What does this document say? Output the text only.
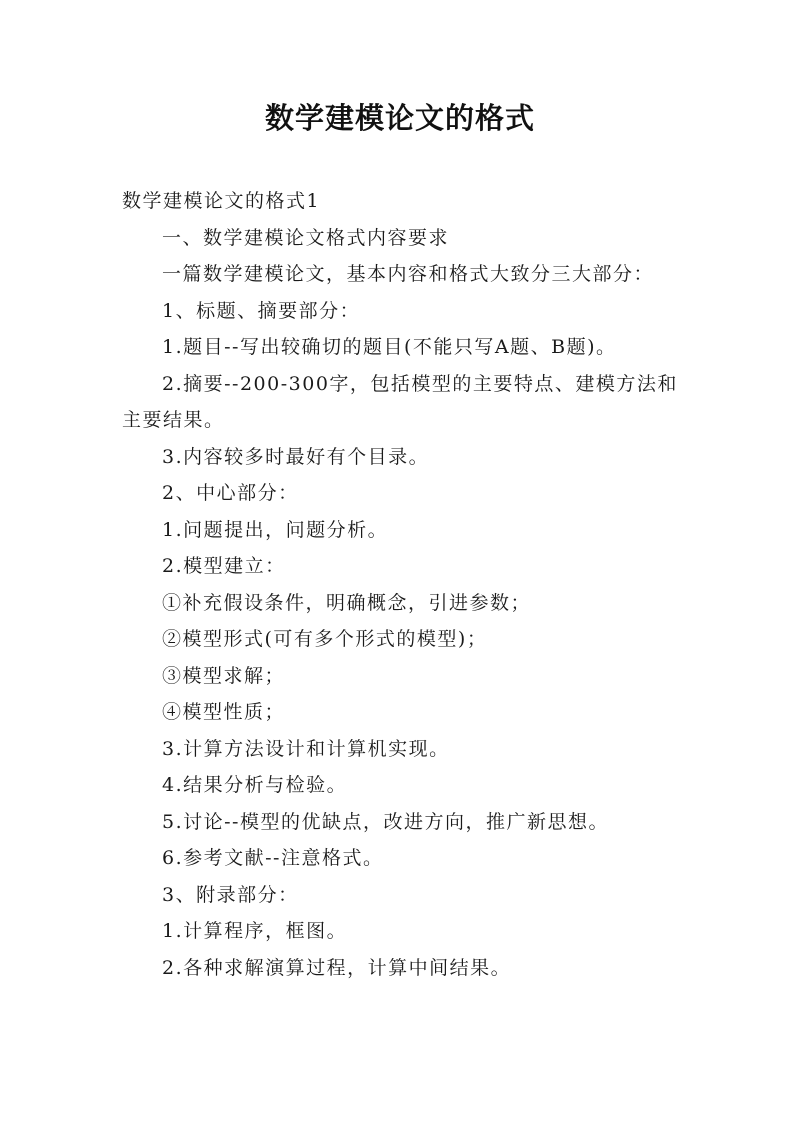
数学建模论文的格式

数学建模论文的格式1

一、数学建模论文格式内容要求

一篇数学建模论文，基本内容和格式大致分三大部分：

1、标题、摘要部分：

1.题目--写出较确切的题目(不能只写A题、B题)。

2.摘要--200-300字，包括模型的主要特点、建模方法和主要结果。

3.内容较多时最好有个目录。

2、中心部分：

1.问题提出，问题分析。

2.模型建立：

①补充假设条件，明确概念，引进参数；

②模型形式(可有多个形式的模型)；

③模型求解；

④模型性质；

3.计算方法设计和计算机实现。

4.结果分析与检验。

5.讨论--模型的优缺点，改进方向，推广新思想。

6.参考文献--注意格式。

3、附录部分：

1.计算程序，框图。

2.各种求解演算过程，计算中间结果。
